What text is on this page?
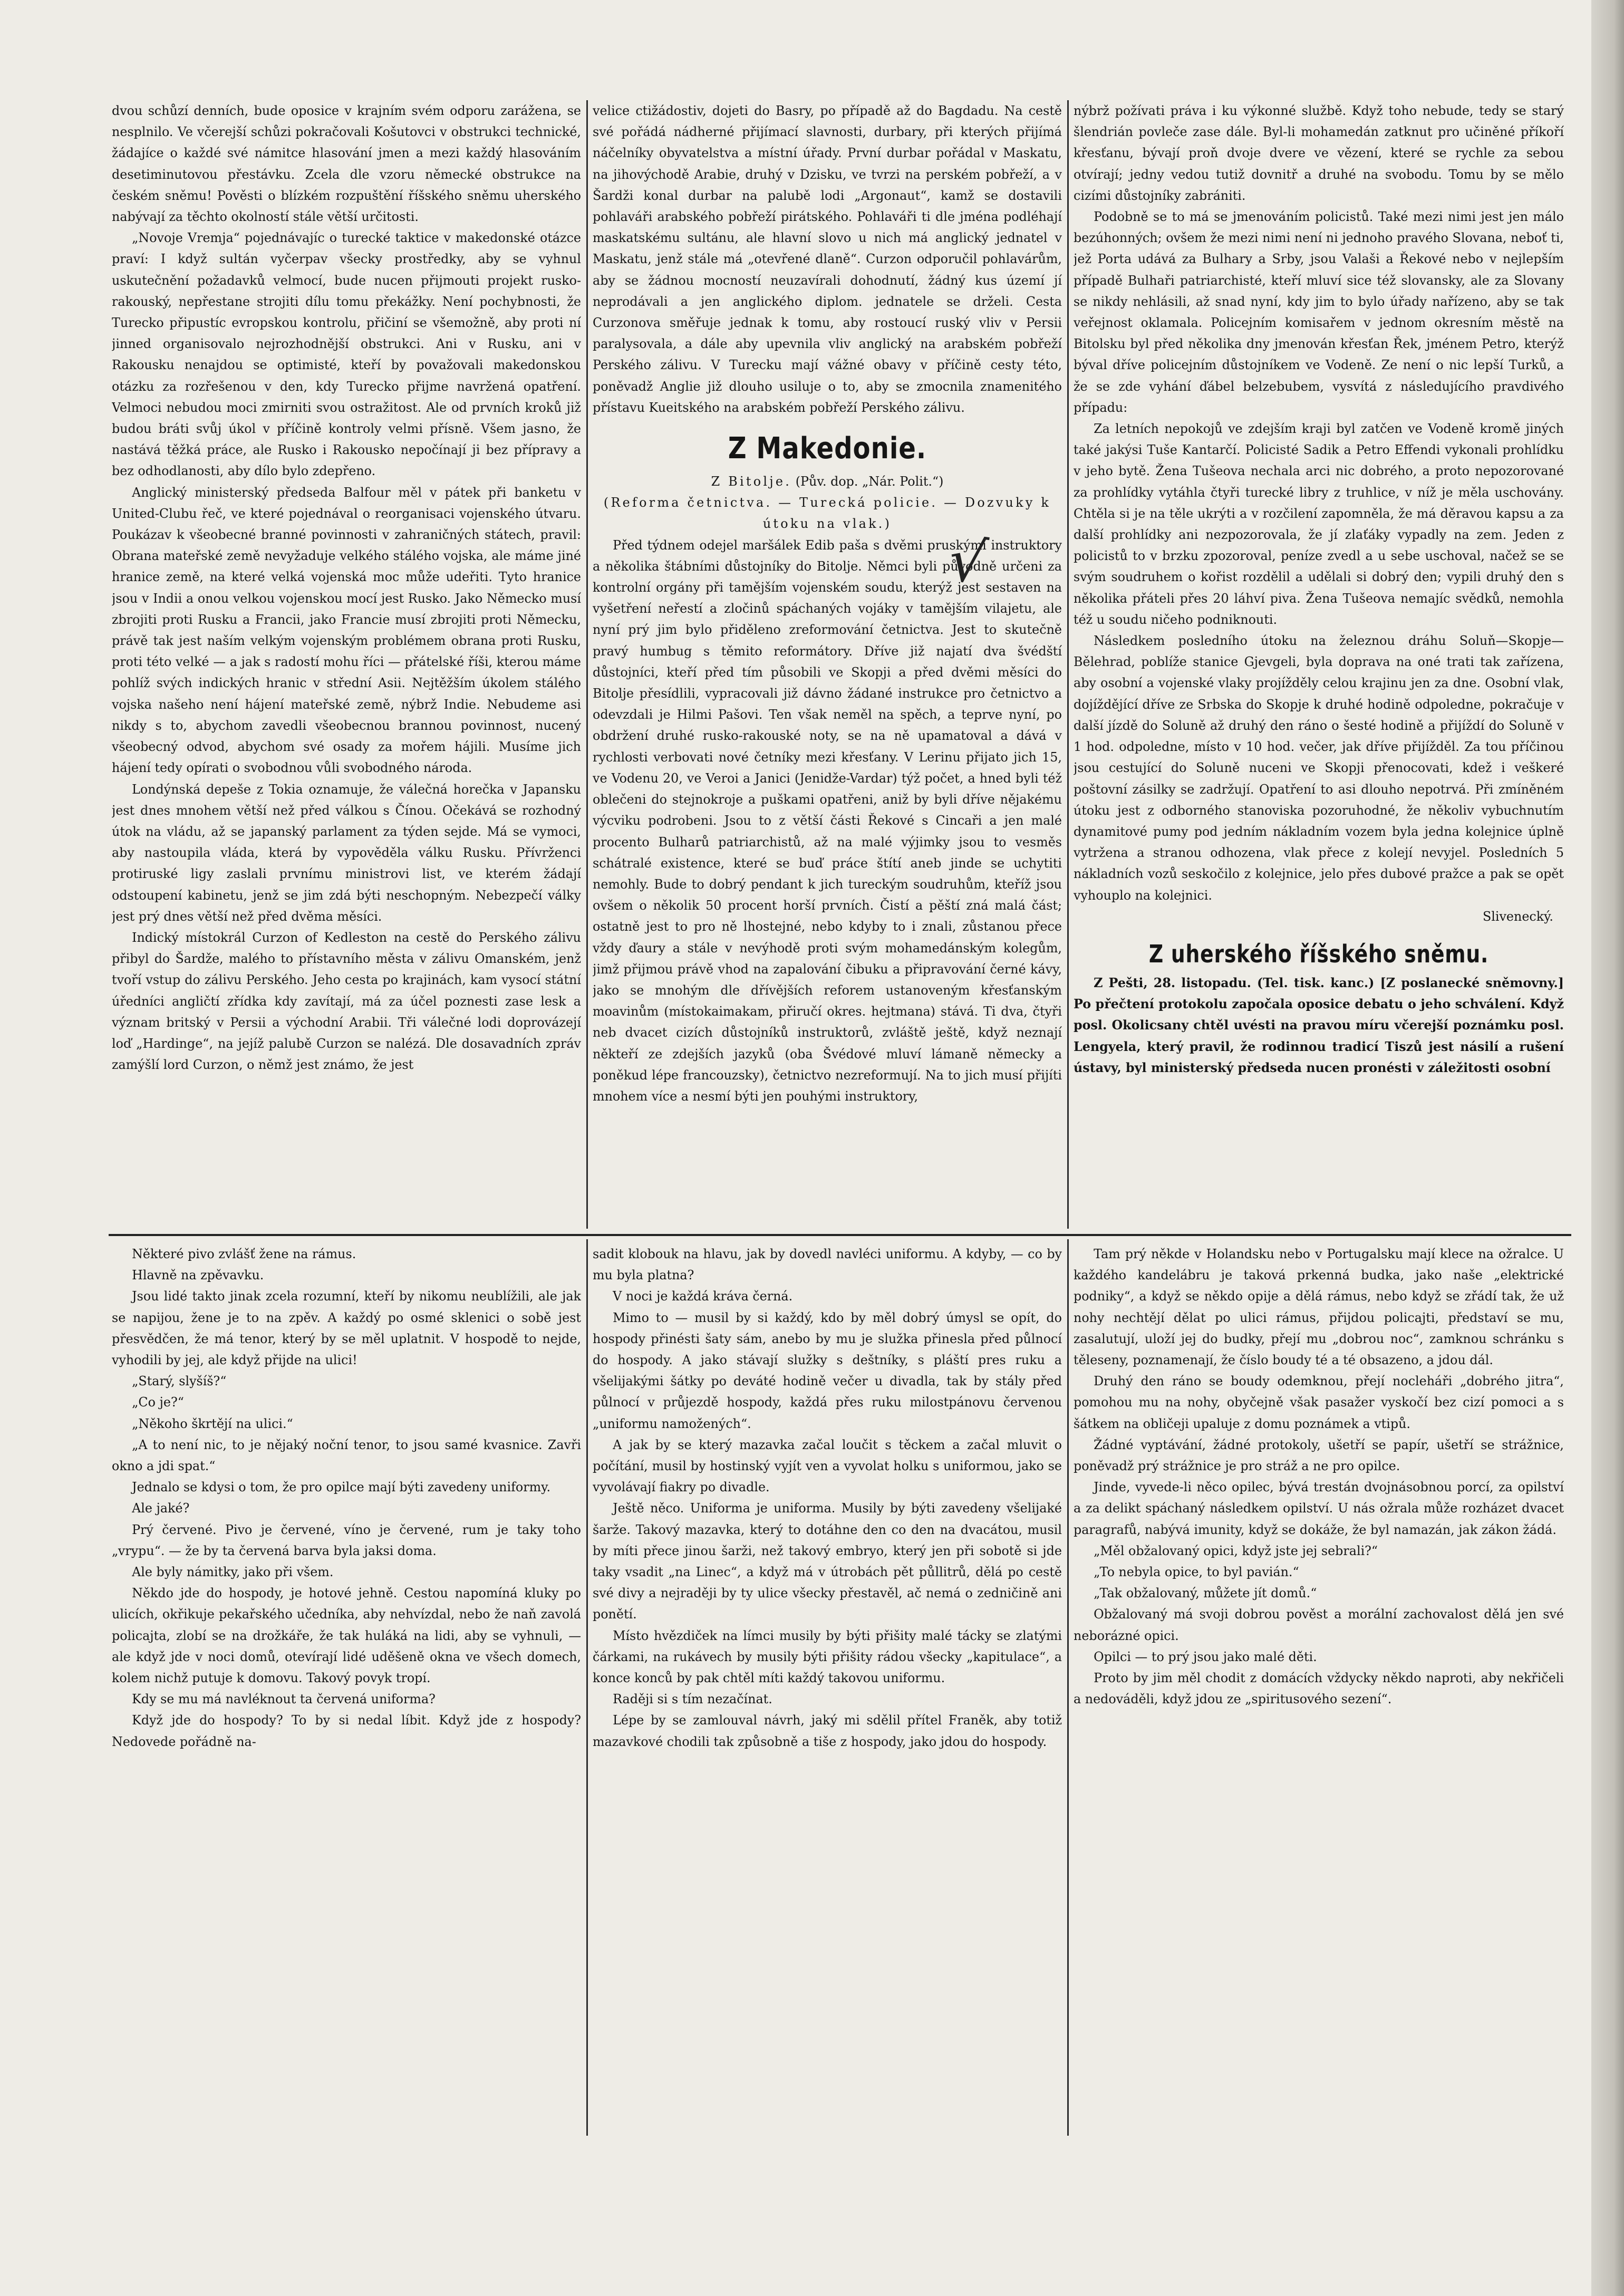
dvou schůzí denních, bude oposice v krajním svém odporu zarážena, se nesplnilo. Ve včerejší schůzi pokračovali Košutovci v obstrukci technické, žádajíce o každé své námitce hlasování jmen a mezi každý hlasováním desetiminutovou přestávku. Zcela dle vzoru německé obstrukce na českém sněmu! Pověsti o blízkém rozpuštění říšského sněmu uherského nabývají za těchto okolností stále větší určitosti.

„Novoje Vremja“ pojednávajíc o turecké taktice v makedonské otázce praví: I když sultán vyčerpav všecky prostředky, aby se vyhnul uskutečnění požadavků velmocí, bude nucen přijmouti projekt rusko-rakouský, nepřestane strojiti dílu tomu překážky. Není pochybnosti, že Turecko připustíc evropskou kontrolu, přičiní se všemožně, aby proti ní jinned organisovalo nejrozhodnější obstrukci. Ani v Rusku, ani v Rakousku nenajdou se optimisté, kteří by považovali makedonskou otázku za rozřešenou v den, kdy Turecko přijme navržená opatření. Velmoci nebudou moci zmirniti svou ostražitost. Ale od prvních kroků již budou bráti svůj úkol v příčině kontroly velmi přísně. Všem jasno, že nastává těžká práce, ale Rusko i Rakousko nepočínají ji bez přípravy a bez odhodlanosti, aby dílo bylo zdepřeno.

Anglický ministerský předseda Balfour měl v pátek při banketu v United-Clubu řeč, ve které pojednával o reorganisaci vojenského útvaru. Poukázav k všeobecné branné povinnosti v zahraničných státech, pravil: Obrana mateřské země nevyžaduje velkého stálého vojska, ale máme jiné hranice země, na které velká vojenská moc může udeřiti. Tyto hranice jsou v Indii a onou velkou vojenskou mocí jest Rusko. Jako Německo musí zbrojiti proti Rusku a Francii, jako Francie musí zbrojiti proti Německu, právě tak jest naším velkým vojenským problémem obrana proti Rusku, proti této velké — a jak s radostí mohu říci — přátelské říši, kterou máme pohlíž svých indických hranic v střední Asii. Nejtěžším úkolem stálého vojska našeho není hájení mateřské země, nýbrž Indie. Nebudeme asi nikdy s to, abychom zavedli všeobecnou brannou povinnost, nucený všeobecný odvod, abychom své osady za mořem hájili. Musíme jich hájení tedy opírati o svobodnou vůli svobodného národa.

Londýnská depeše z Tokia oznamuje, že válečná horečka v Japansku jest dnes mnohem větší než před válkou s Čínou. Očekává se rozhodný útok na vládu, až se japanský parlament za týden sejde. Má se vymoci, aby nastoupila vláda, která by vypověděla válku Rusku. Přívrženci protiruské ligy zaslali prvnímu ministrovi list, ve kterém žádají odstoupení kabinetu, jenž se jim zdá býti neschopným. Nebezpečí války jest prý dnes větší než před dvěma měsíci.

Indický místokrál Curzon of Kedleston na cestě do Perského zálivu přibyl do Šardže, malého to přístavního města v zálivu Omanském, jenž tvoří vstup do zálivu Perského. Jeho cesta po krajinách, kam vysocí státní úředníci angličtí zřídka kdy zavítají, má za účel poznesti zase lesk a význam britský v Persii a východní Arabii. Tři válečné lodi doprovázejí loď „Hardinge“, na jejíž palubě Curzon se nalézá. Dle dosavadních zpráv zamýšlí lord Curzon, o němž jest známo, že jest

velice ctižádostiv, dojeti do Basry, po případě až do Bagdadu. Na cestě své pořádá nádherné přijímací slavnosti, durbary, při kterých přijímá náčelníky obyvatelstva a místní úřady. První durbar pořádal v Maskatu, na jihovýchodě Arabie, druhý v Dzisku, ve tvrzi na perském pobřeží, a v Šardži konal durbar na palubě lodi „Argonaut“, kamž se dostavili pohlaváři arabského pobřeží pirátského. Pohlaváři ti dle jména podléhají maskatskému sultánu, ale hlavní slovo u nich má anglický jednatel v Maskatu, jenž stále má „otevřené dlaně“. Curzon odporučil pohlavárům, aby se žádnou mocností neuzavírali dohodnutí, žádný kus území jí neprodávali a jen anglického diplom. jednatele se drželi. Cesta Curzonova směřuje jednak k tomu, aby rostoucí ruský vliv v Persii paralysovala, a dále aby upevnila vliv anglický na arabském pobřeží Perského zálivu. V Turecku mají vážné obavy v příčině cesty této, poněvadž Anglie již dlouho usiluje o to, aby se zmocnila znamenitého přístavu Kueitského na arabském pobřeží Perského zálivu.

Z Makedonie.

Z Bitolje. (Pův. dop. „Nár. Polit.“)

(Reforma četnictva. — Turecká policie. — Dozvuky k útoku na vlak.)

Před týdnem odejel maršálek Edib paša s dvěmi pruskými instruktory a několika štábními důstojníky do Bitolje. Němci byli původně určeni za kontrolní orgány při tamějším vojenském soudu, kterýž jest sestaven na vyšetření neřestí a zločinů spáchaných vojáky v tamějším vilajetu, ale nyní prý jim bylo přiděleno zreformování četnictva. Jest to skutečně pravý humbug s těmito reformátory. Dříve již najatí dva švédští důstojníci, kteří před tím působili ve Skopji a před dvěmi měsíci do Bitolje přesídlili, vypracovali již dávno žádané instrukce pro četnictvo a odevzdali je Hilmi Pašovi. Ten však neměl na spěch, a teprve nyní, po obdržení druhé rusko-rakouské noty, se na ně upamatoval a dává v rychlosti verbovati nové četníky mezi křesťany. V Lerinu přijato jich 15, ve Vodenu 20, ve Veroi a Janici (Jenidže-Vardar) týž počet, a hned byli též oblečeni do stejnokroje a puškami opatřeni, aniž by byli dříve nějakému výcviku podrobeni. Jsou to z větší části Řekové s Cincaři a jen malé procento Bulharů patriarchistů, až na malé výjimky jsou to vesměs schátralé existence, které se buď práce štítí aneb jinde se uchytiti nemohly. Bude to dobrý pendant k jich tureckým soudruhům, kteříž jsou ovšem o několik 50 procent horší prvních. Čistí a pěští zná malá část; ostatně jest to pro ně lhostejné, nebo kdyby to i znali, zůstanou přece vždy ďaury a stále v nevýhodě proti svým mohamedánským kolegům, jimž přijmou právě vhod na zapalování čibuku a připravování černé kávy, jako se mnohým dle dřívějších reforem ustanoveným křesťanským moavinům (místokaimakam, přiručí okres. hejtmana) stává. Ti dva, čtyři neb dvacet cizích důstojníků instruktorů, zvláště ještě, když neznají někteří ze zdejších jazyků (oba Švédové mluví lámaně německy a poněkud lépe francouzsky), četnictvo nezreformují. Na to jich musí přijíti mnohem více a nesmí býti jen pouhými instruktory,

√

nýbrž požívati práva i ku výkonné službě. Když toho nebude, tedy se starý šlendrián povleče zase dále. Byl-li mohamedán zatknut pro učiněné příkoří křesťanu, bývají proň dvoje dvere ve vězení, které se rychle za sebou otvírají; jedny vedou tutiž dovnitř a druhé na svobodu. Tomu by se mělo cizími důstojníky zabrániti.

Podobně se to má se jmenováním policistů. Také mezi nimi jest jen málo bezúhonných; ovšem že mezi nimi není ni jednoho pravého Slovana, neboť ti, jež Porta udává za Bulhary a Srby, jsou Valaši a Řekové nebo v nejlepším případě Bulhaři patriarchisté, kteří mluví sice též slovansky, ale za Slovany se nikdy nehlásili, až snad nyní, kdy jim to bylo úřady nařízeno, aby se tak veřejnost oklamala. Policejním komisařem v jednom okresním městě na Bitolsku byl před několika dny jmenován křesťan Řek, jménem Petro, kterýž býval dříve policejním důstojníkem ve Vodeně. Ze není o nic lepší Turků, a že se zde vyhání ďábel belzebubem, vysvítá z následujícího pravdivého případu:

Za letních nepokojů ve zdejším kraji byl zatčen ve Vodeně kromě jiných také jakýsi Tuše Kantarčí. Policisté Sadik a Petro Effendi vykonali prohlídku v jeho bytě. Žena Tušeova nechala arci nic dobrého, a proto nepozorované za prohlídky vytáhla čtyři turecké libry z truhlice, v níž je měla uschovány. Chtěla si je na těle ukrýti a v rozčilení zapomněla, že má děravou kapsu a za další prohlídky ani nezpozorovala, že jí zlaťáky vypadly na zem. Jeden z policistů to v brzku zpozoroval, peníze zvedl a u sebe uschoval, načež se se svým soudruhem o kořist rozdělil a udělali si dobrý den; vypili druhý den s několika přáteli přes 20 láhví piva. Žena Tušeova nemajíc svědků, nemohla též u soudu ničeho podniknouti.

Následkem posledního útoku na železnou dráhu Soluň—Skopje—Bělehrad, poblíže stanice Gjevgeli, byla doprava na oné trati tak zařízena, aby osobní a vojenské vlaky projížděly celou krajinu jen za dne. Osobní vlak, dojíždějící dříve ze Srbska do Skopje k druhé hodině odpoledne, pokračuje v další jízdě do Soluně až druhý den ráno o šesté hodině a přijíždí do Soluně v 1 hod. odpoledne, místo v 10 hod. večer, jak dříve přijížděl. Za tou příčinou jsou cestující do Soluně nuceni ve Skopji přenocovati, kdež i veškeré poštovní zásilky se zadržují. Opatření to asi dlouho nepotrvá. Při zmíněném útoku jest z odborného stanoviska pozoruhodné, že několiv vybuchnutím dynamitové pumy pod jedním nákladním vozem byla jedna kolejnice úplně vytržena a stranou odhozena, vlak přece z kolejí nevyjel. Posledních 5 nákladních vozů seskočilo z kolejnice, jelo přes dubové pražce a pak se opět vyhouplo na kolejnici.

Slivenecký.

Z uherského říšského sněmu.

Z Pešti, 28. listopadu. (Tel. tisk. kanc.) [Z poslanecké sněmovny.] Po přečtení protokolu započala oposice debatu o jeho schválení. Když posl. Okolicsany chtěl uvésti na pravou míru včerejší poznámku posl. Lengyela, který pravil, že rodinnou tradicí Tiszů jest násilí a rušení ústavy, byl ministerský předseda nucen pronésti v záležitosti osobní

Některé pivo zvlášť žene na rámus.

Hlavně na zpěvavku.

Jsou lidé takto jinak zcela rozumní, kteří by nikomu neublížili, ale jak se napijou, žene je to na zpěv. A každý po osmé sklenici o sobě jest přesvědčen, že má tenor, který by se měl uplatnit. V hospodě to nejde, vyhodili by jej, ale když přijde na ulici!

„Starý, slyšíš?“

„Co je?“

„Někoho škrtějí na ulici.“

„A to není nic, to je nějaký noční tenor, to jsou samé kvasnice. Zavři okno a jdi spat.“

Jednalo se kdysi o tom, že pro opilce mají býti zavedeny uniformy.

Ale jaké?

Prý červené. Pivo je červené, víno je červené, rum je taky toho „vrypu“. — že by ta červená barva byla jaksi doma.

Ale byly námitky, jako při všem.

Někdo jde do hospody, je hotové jehně. Cestou napomíná kluky po ulicích, okřikuje pekařského učedníka, aby nehvízdal, nebo že naň zavolá policajta, zlobí se na drožkáře, že tak huláká na lidi, aby se vyhnuli, — ale když jde v noci domů, otevírají lidé uděšeně okna ve všech domech, kolem nichž putuje k domovu. Takový povyk tropí.

Kdy se mu má navléknout ta červená uniforma?

Když jde do hospody? To by si nedal líbit. Když jde z hospody? Nedovede pořádně na-

sadit klobouk na hlavu, jak by dovedl navléci uniformu. A kdyby, — co by mu byla platna?

V noci je každá kráva černá.

Mimo to — musil by si každý, kdo by měl dobrý úmysl se opít, do hospody přinésti šaty sám, anebo by mu je služka přinesla před půlnocí do hospody. A jako stávají služky s deštníky, s pláští pres ruku a všelijakými šátky po deváté hodině večer u divadla, tak by stály před půlnocí v průjezdě hospody, každá přes ruku milostpánovu červenou „uniformu namožených“.

A jak by se který mazavka začal loučit s těckem a začal mluvit o počítání, musil by hostinský vyjít ven a vyvolat holku s uniformou, jako se vyvolávají fiakry po divadle.

Ještě něco. Uniforma je uniforma. Musily by býti zavedeny všelijaké šarže. Takový mazavka, který to dotáhne den co den na dvacátou, musil by míti přece jinou šarži, než takový embryo, který jen při sobotě si jde taky vsadit „na Linec“, a když má v útrobách pět půllitrů, dělá po cestě své divy a nejraději by ty ulice všecky přestavěl, ač nemá o zedničině ani ponětí.

Místo hvězdiček na límci musily by býti přišity malé tácky se zlatými čárkami, na rukávech by musily býti přišity rádou všecky „kapitulace“, a konce konců by pak chtěl míti každý takovou uniformu.

Raději si s tím nezačínat.

Lépe by se zamlouval návrh, jaký mi sdělil přítel Franěk, aby totiž mazavkové chodili tak způsobně a tiše z hospody, jako jdou do hospody.

Tam prý někde v Holandsku nebo v Portugalsku mají klece na ožralce. U každého kandelábru je taková prkenná budka, jako naše „elektrické podniky“, a když se někdo opije a dělá rámus, nebo když se zřádí tak, že už nohy nechtějí dělat po ulici rámus, přijdou policajti, představí se mu, zasalutují, uloží jej do budky, přejí mu „dobrou noc“, zamknou schránku s těleseny, poznamenají, že číslo boudy té a té obsazeno, a jdou dál.

Druhý den ráno se boudy odemknou, přejí nocleháři „dobrého jitra“, pomohou mu na nohy, obyčejně však pasažer vyskočí bez cizí pomoci a s šátkem na obličeji upaluje z domu poznámek a vtipů.

Žádné vyptávání, žádné protokoly, ušetří se papír, ušetří se strážnice, poněvadž prý strážnice je pro stráž a ne pro opilce.

Jinde, vyvede-li něco opilec, bývá trestán dvojnásobnou porcí, za opilství a za delikt spáchaný následkem opilství. U nás ožrala může rozházet dvacet paragrafů, nabývá imunity, když se dokáže, že byl namazán, jak zákon žádá.

„Měl obžalovaný opici, když jste jej sebrali?“

„To nebyla opice, to byl pavián.“

„Tak obžalovaný, můžete jít domů.“

Obžalovaný má svoji dobrou pověst a morální zachovalost dělá jen své neborázné opici.

Opilci — to prý jsou jako malé děti.

Proto by jim měl chodit z domácích vždycky někdo naproti, aby nekřičeli a nedováděli, když jdou ze „spiritusového sezení“.
